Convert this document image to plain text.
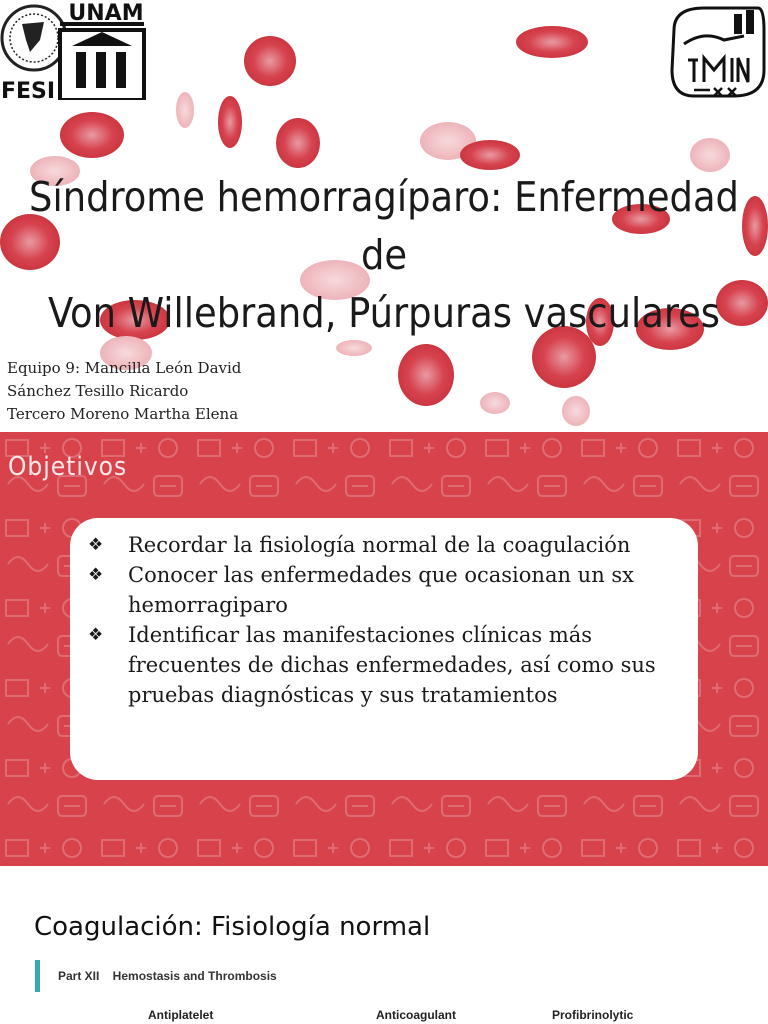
UNAM
FESI
Síndrome hemorragíparo: Enfermedad de
Von Willebrand, Púrpuras vasculares
Equipo 9: Mancilla León David
Sánchez Tesillo Ricardo
Tercero Moreno Martha Elena
Objetivos
❖	Recordar la fisiología normal de la coagulación
❖	Conocer las enfermedades que ocasionan un sx hemorragiparo
❖	Identificar las manifestaciones clínicas más frecuentes de dichas enfermedades, así como sus pruebas diagnósticas y sus tratamientos
Coagulación: Fisiología normal
Part XII    Hemostasis and Thrombosis
Antiplatelet	Anticoagulant	Profibrinolytic
